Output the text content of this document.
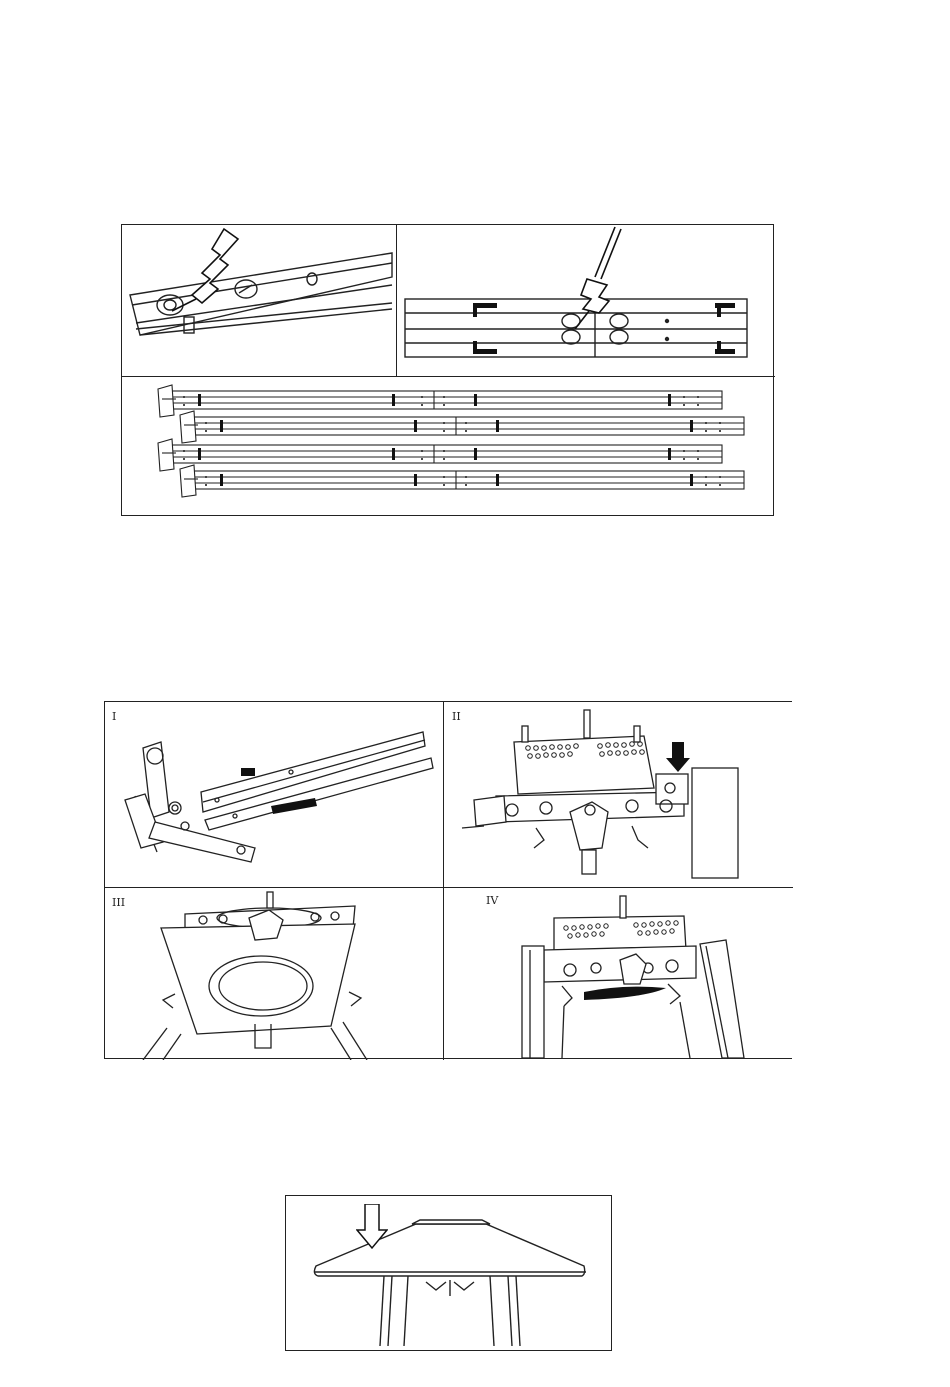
I	II
III	IV
